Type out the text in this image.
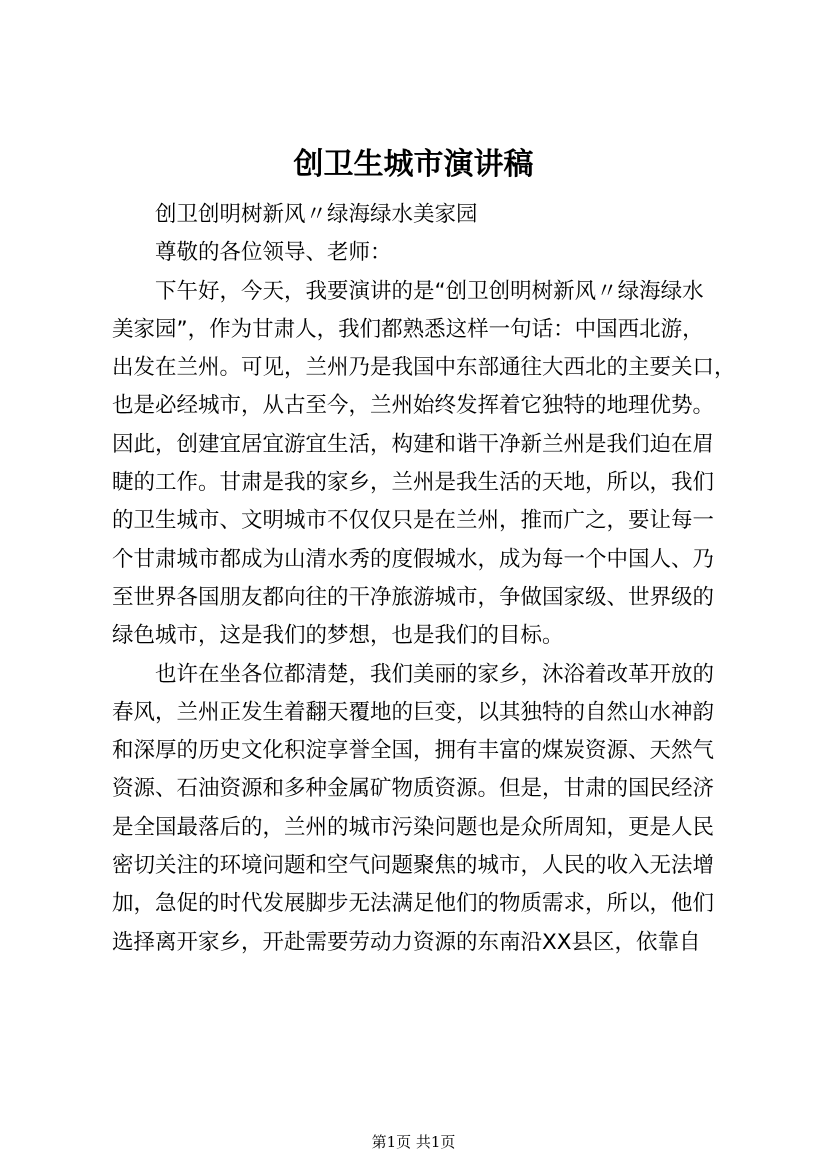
创卫生城市演讲稿
创卫创明树新风〃绿海绿水美家园
尊敬的各位领导、老师：
下午好，今天，我要演讲的是“创卫创明树新风〃绿海绿水
美家园”，作为甘肃人，我们都熟悉这样一句话：中国西北游，
出发在兰州。可见，兰州乃是我国中东部通往大西北的主要关口，
也是必经城市，从古至今，兰州始终发挥着它独特的地理优势。
因此，创建宜居宜游宜生活，构建和谐干净新兰州是我们迫在眉
睫的工作。甘肃是我的家乡，兰州是我生活的天地，所以，我们
的卫生城市、文明城市不仅仅只是在兰州，推而广之，要让每一
个甘肃城市都成为山清水秀的度假城水，成为每一个中国人、乃
至世界各国朋友都向往的干净旅游城市，争做国家级、世界级的
绿色城市，这是我们的梦想，也是我们的目标。
也许在坐各位都清楚，我们美丽的家乡，沐浴着改革开放的
春风，兰州正发生着翻天覆地的巨变，以其独特的自然山水神韵
和深厚的历史文化积淀享誉全国，拥有丰富的煤炭资源、天然气
资源、石油资源和多种金属矿物质资源。但是，甘肃的国民经济
是全国最落后的，兰州的城市污染问题也是众所周知，更是人民
密切关注的环境问题和空气问题聚焦的城市，人民的收入无法增
加，急促的时代发展脚步无法满足他们的物质需求，所以，他们
选择离开家乡，开赴需要劳动力资源的东南沿XX县区，依靠自
第1页 共1页
